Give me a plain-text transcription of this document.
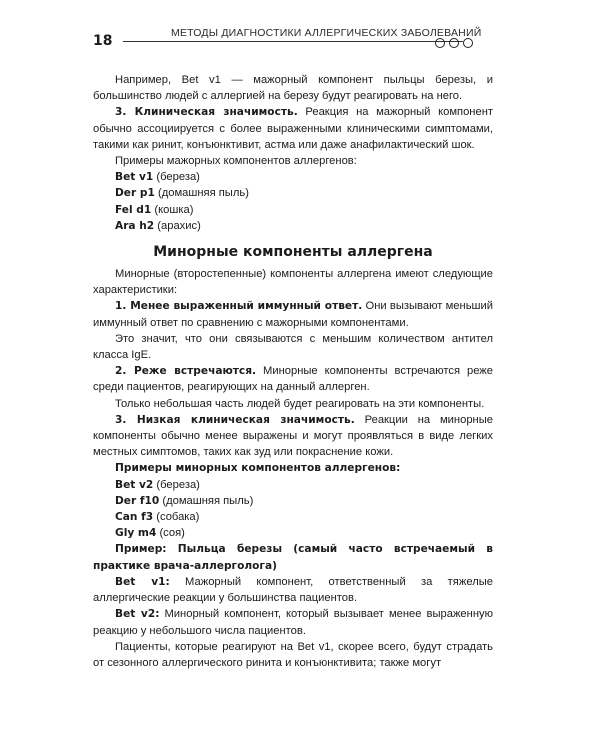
18	МЕТОДЫ ДИАГНОСТИКИ АЛЛЕРГИЧЕСКИХ ЗАБОЛЕВАНИЙ

Например, Bet v1 — мажорный компонент пыльцы березы, и большинство людей с аллергией на березу будут реагировать на него.

3. Клиническая значимость. Реакция на мажорный компонент обычно ассоциируется с более выраженными клиническими симптомами, такими как ринит, конъюнктивит, астма или даже анафилактический шок.

Примеры мажорных компонентов аллергенов:

Bet v1 (береза)

Der p1 (домашняя пыль)

Fel d1 (кошка)

Ara h2 (арахис)

Минорные компоненты аллергена

Минорные (второстепенные) компоненты аллергена имеют следующие характеристики:

1. Менее выраженный иммунный ответ. Они вызывают меньший иммунный ответ по сравнению с мажорными компонентами.

Это значит, что они связываются с меньшим количеством антител класса IgE.

2. Реже встречаются. Минорные компоненты встречаются реже среди пациентов, реагирующих на данный аллерген.

Только небольшая часть людей будет реагировать на эти компоненты.

3. Низкая клиническая значимость. Реакции на минорные компоненты обычно менее выражены и могут проявляться в виде легких местных симптомов, таких как зуд или покраснение кожи.

Примеры минорных компонентов аллергенов:

Bet v2 (береза)

Der f10 (домашняя пыль)

Can f3 (собака)

Gly m4 (соя)

Пример: Пыльца березы (самый часто встречаемый в практике врача-аллерголога)

Bet v1: Мажорный компонент, ответственный за тяжелые аллергические реакции у большинства пациентов.

Bet v2: Минорный компонент, который вызывает менее выраженную реакцию у небольшого числа пациентов.

Пациенты, которые реагируют на Bet v1, скорее всего, будут страдать от сезонного аллергического ринита и конъюнктивита; также могут
